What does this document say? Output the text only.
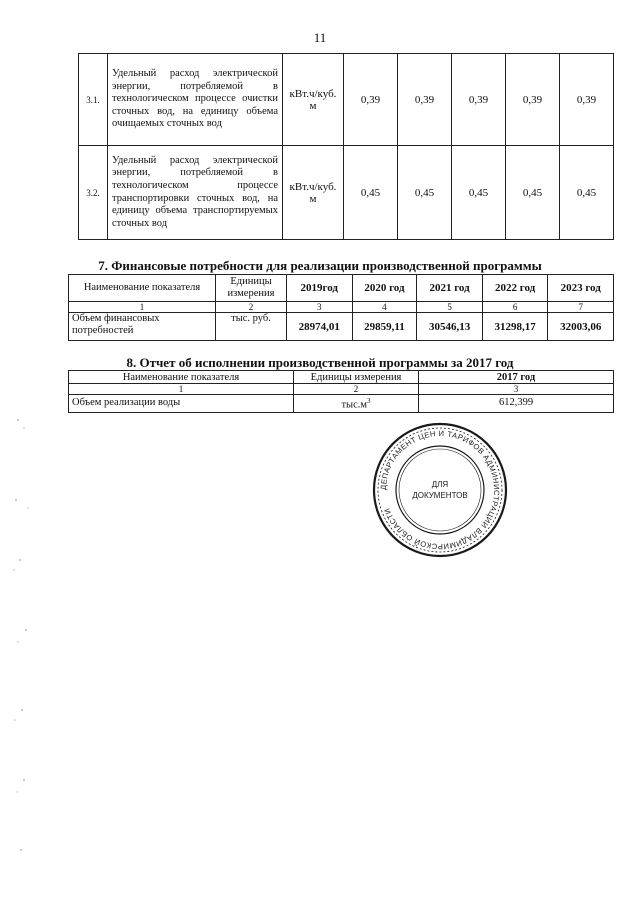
11
3.1.	Удельный расход электрической энергии, потребляемой в технологическом процессе очистки сточных вод, на единицу объема очищаемых сточных вод	кВт.ч/куб. м	0,39	0,39	0,39	0,39	0,39
3.2.	Удельный расход электрической энергии, потребляемой в технологическом процессе транспортировки сточных вод, на единицу объема транспортируемых сточных вод	кВт.ч/куб. м	0,45	0,45	0,45	0,45	0,45
7. Финансовые потребности для реализации производственной программы
Наименование показателя	Единицы измерения	2019год	2020 год	2021 год	2022 год	2023 год
1	2	3	4	5	6	7
Объем финансовых потребностей	тыс. руб.	28974,01	29859,11	30546,13	31298,17	32003,06
8. Отчет об исполнении производственной программы за 2017 год
Наименование показателя	Единицы измерения	2017 год
1	2	3
Объем реализации воды	$тыс.м^3$	612,399
ДЕПАРТАМЕНТ ЦЕН И ТАРИФОВ АДМИНИСТРАЦИИ ВЛАДИМИРСКОЙ ОБЛАСТИ
ДЛЯ
ДОКУМЕНТОВ
